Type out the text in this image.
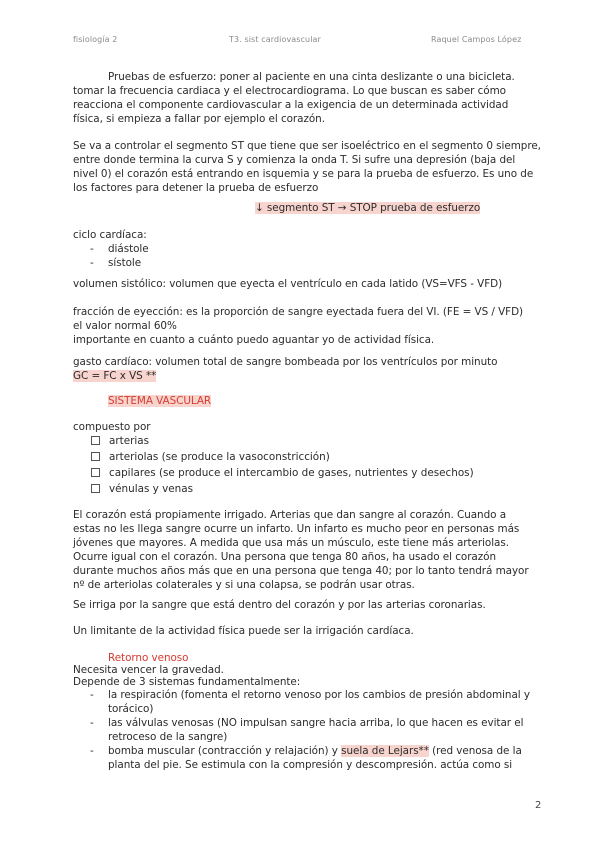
fisiología 2	T3. sist cardiovascular	Raquel Campos López
Pruebas de esfuerzo: poner al paciente en una cinta deslizante o una bicicleta.
tomar la frecuencia cardiaca y el electrocardiograma. Lo que buscan es saber cómo
reacciona el componente cardiovascular a la exigencia de un determinada actividad
física, si empieza a fallar por ejemplo el corazón.
Se va a controlar el segmento ST que tiene que ser isoeléctrico en el segmento 0 siempre,
entre donde termina la curva S y comienza la onda T. Si sufre una depresión (baja del
nivel 0) el corazón está entrando en isquemia y se para la prueba de esfuerzo. Es uno de
los factores para detener la prueba de esfuerzo
↓ segmento ST → STOP prueba de esfuerzo
ciclo cardíaca:
- diástole
- sístole
volumen sistólico: volumen que eyecta el ventrículo en cada latido (VS=VFS - VFD)
fracción de eyección: es la proporción de sangre eyectada fuera del VI. (FE = VS / VFD)
el valor normal 60%
importante en cuanto a cuánto puedo aguantar yo de actividad física.
gasto cardíaco: volumen total de sangre bombeada por los ventrículos por minuto
GC = FC x VS **
SISTEMA VASCULAR
compuesto por
arterias
arteriolas (se produce la vasoconstricción)
capilares (se produce el intercambio de gases, nutrientes y desechos)
vénulas y venas
El corazón está propiamente irrigado. Arterias que dan sangre al corazón. Cuando a
estas no les llega sangre ocurre un infarto. Un infarto es mucho peor en personas más
jóvenes que mayores. A medida que usa más un músculo, este tiene más arteriolas.
Ocurre igual con el corazón. Una persona que tenga 80 años, ha usado el corazón
durante muchos años más que en una persona que tenga 40; por lo tanto tendrá mayor
nº de arteriolas colaterales y si una colapsa, se podrán usar otras.
Se irriga por la sangre que está dentro del corazón y por las arterias coronarias.
Un limitante de la actividad física puede ser la irrigación cardíaca.
Retorno venoso
Necesita vencer la gravedad.
Depende de 3 sistemas fundamentalmente:
- la respiración (fomenta el retorno venoso por los cambios de presión abdominal y
torácico)
- las válvulas venosas (NO impulsan sangre hacia arriba, lo que hacen es evitar el
retroceso de la sangre)
- bomba muscular (contracción y relajación) y suela de Lejars** (red venosa de la
planta del pie. Se estimula con la compresión y descompresión. actúa como si
2
